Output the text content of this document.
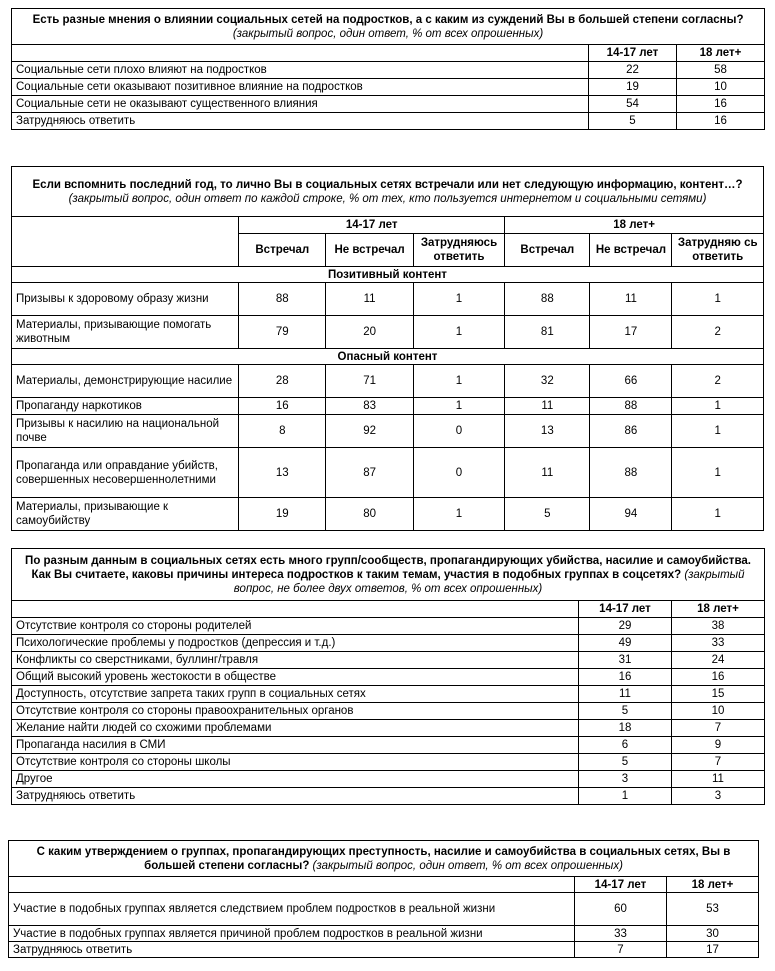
Есть разные мнения о влиянии социальных сетей на подростков, а с каким из суждений Вы в большей степени согласны? (закрытый вопрос, один ответ, % от всех опрошенных)		
	14-17 лет	18 лет+
Социальные сети плохо влияют на подростков	22	58
Социальные сети оказывают позитивное влияние на подростков	19	10
Социальные сети не оказывают существенного влияния	54	16
Затрудняюсь ответить	5	16
Если вспомнить последний год, то лично Вы в социальных сетях встречали или нет следующую информацию, контент…? (закрытый вопрос, один ответ по каждой строке, % от тех, кто пользуется интернетом и социальными сетями)						
	14-17 лет			18 лет+		
	Встречал	Не встречал	Затрудняюсь ответить	Встречал	Не встречал	Затрудняю сь ответить
Позитивный контент						
Призывы к здоровому образу жизни	88	11	1	88	11	1
Материалы, призывающие помогать животным	79	20	1	81	17	2
Опасный контент						
Материалы, демонстрирующие насилие	28	71	1	32	66	2
Пропаганду наркотиков	16	83	1	11	88	1
Призывы к насилию на национальной почве	8	92	0	13	86	1
Пропаганда или оправдание убийств, совершенных несовершеннолетними	13	87	0	11	88	1
Материалы, призывающие к самоубийству	19	80	1	5	94	1
По разным данным в социальных сетях есть много групп/сообществ, пропагандирующих убийства, насилие и самоубийства. Как Вы считаете, каковы причины интереса подростков к таким темам, участия в подобных группах в соцсетях? (закрытый вопрос, не более двух ответов, % от всех опрошенных)		
	14-17 лет	18 лет+
Отсутствие контроля со стороны родителей	29	38
Психологические проблемы у подростков (депрессия и т.д.)	49	33
Конфликты со сверстниками, буллинг/травля	31	24
Общий высокий уровень жестокости в обществе	16	16
Доступность, отсутствие запрета таких групп в социальных сетях	11	15
Отсутствие контроля со стороны правоохранительных органов	5	10
Желание найти людей со схожими проблемами	18	7
Пропаганда насилия в СМИ	6	9
Отсутствие контроля со стороны школы	5	7
Другое	3	11
Затрудняюсь ответить	1	3
С каким утверждением о группах, пропагандирующих преступность, насилие и самоубийства в социальных сетях, Вы в большей степени согласны? (закрытый вопрос, один ответ, % от всех опрошенных)		
	14-17 лет	18 лет+
Участие в подобных группах является следствием проблем подростков в реальной жизни	60	53
Участие в подобных группах является причиной проблем подростков в реальной жизни	33	30
Затрудняюсь ответить	7	17
